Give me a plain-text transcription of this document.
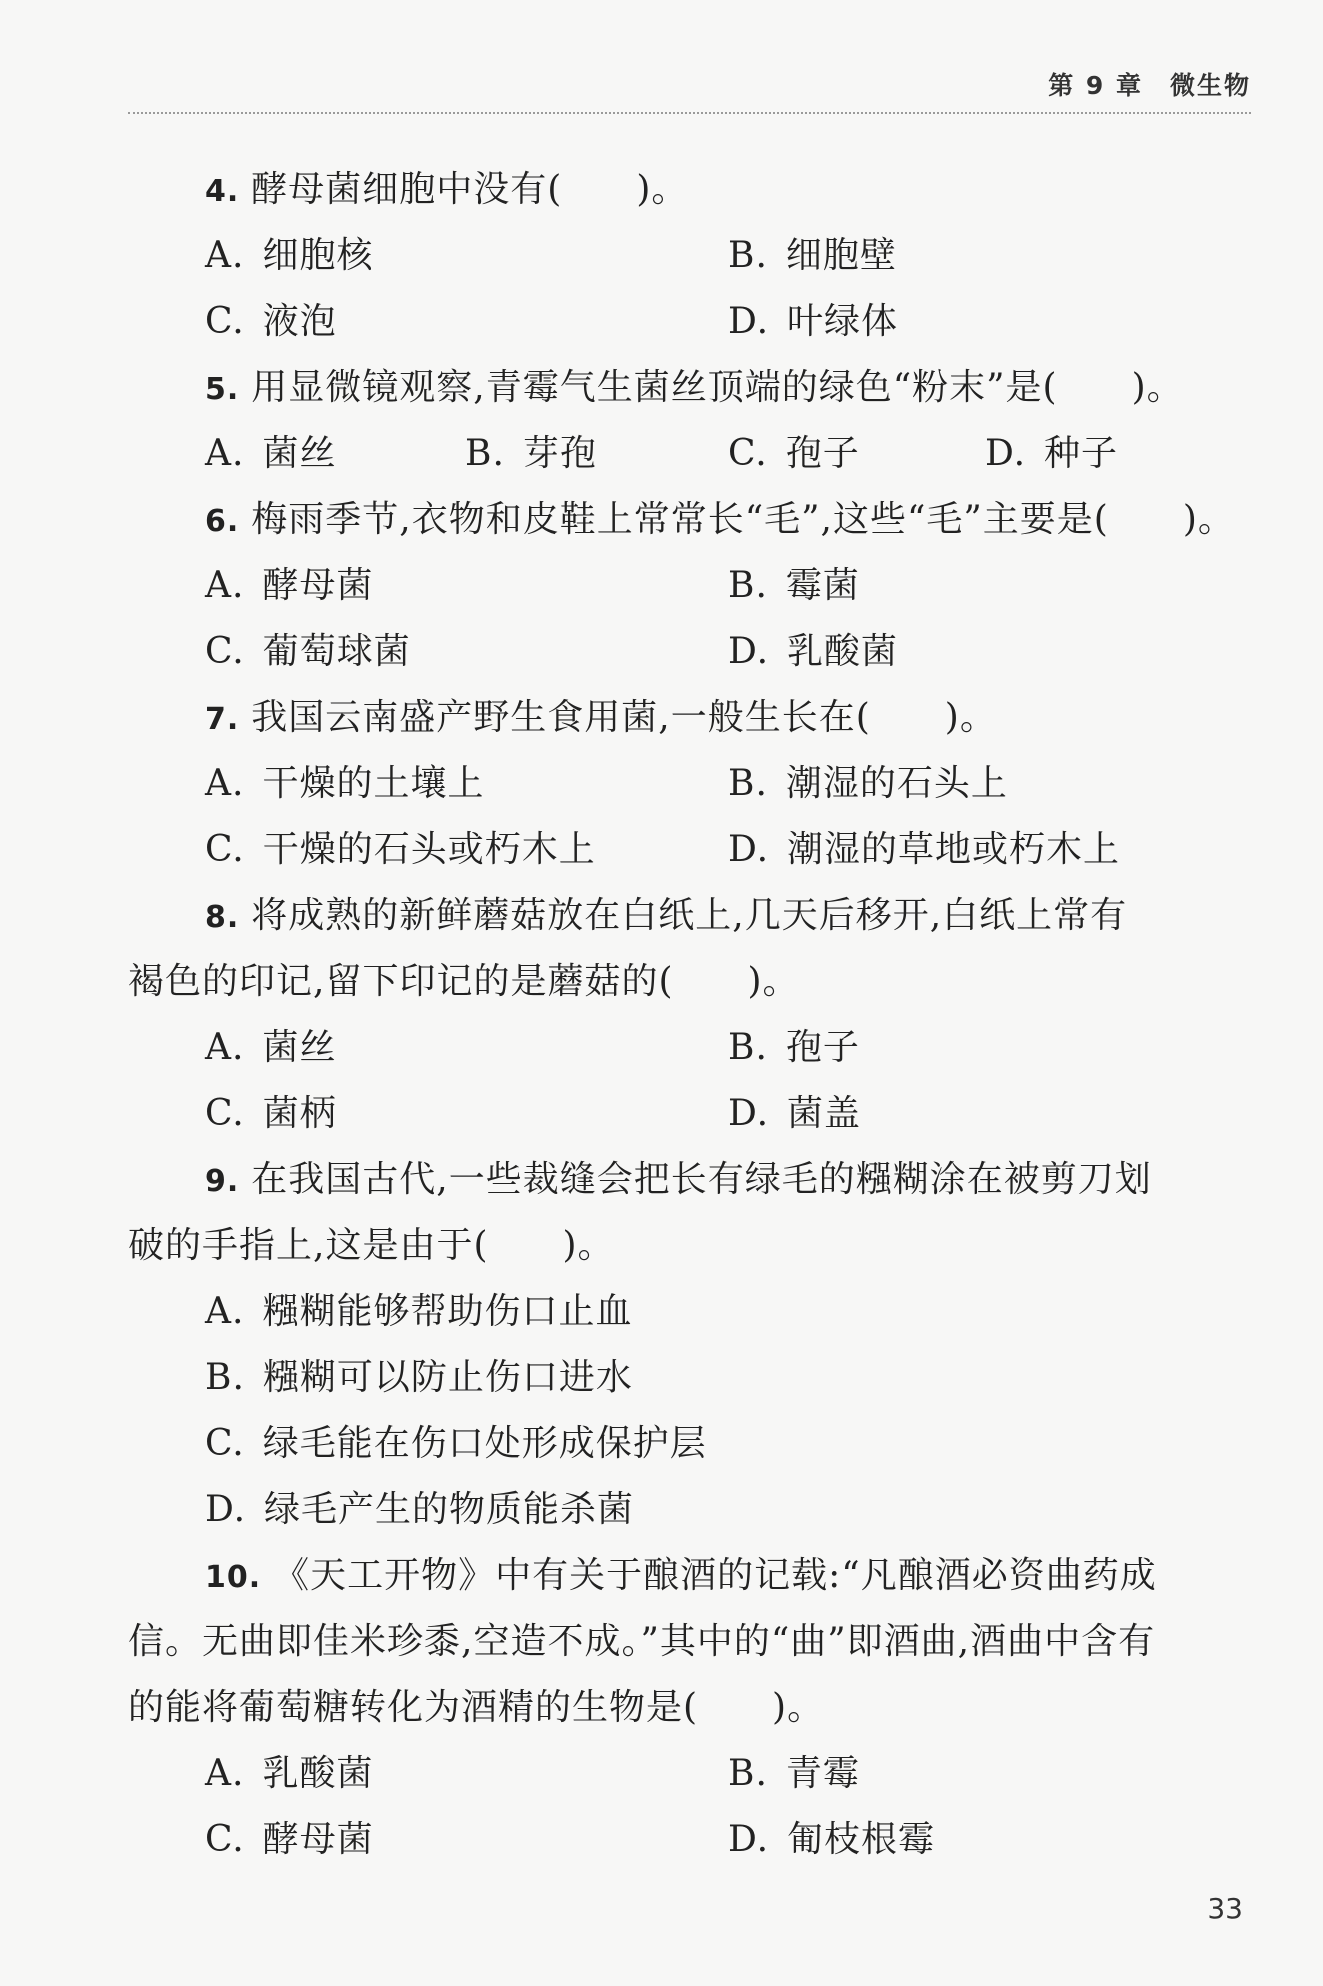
第 9 章　微生物
4. 酵母菌细胞中没有(　　)。
A. 细胞核	B. 细胞壁
C. 液泡	D. 叶绿体
5. 用显微镜观察,青霉气生菌丝顶端的绿色“粉末”是(　　)。
A. 菌丝	B. 芽孢	C. 孢子	D. 种子
6. 梅雨季节,衣物和皮鞋上常常长“毛”,这些“毛”主要是(　　)。
A. 酵母菌	B. 霉菌
C. 葡萄球菌	D. 乳酸菌
7. 我国云南盛产野生食用菌,一般生长在(　　)。
A. 干燥的土壤上	B. 潮湿的石头上
C. 干燥的石头或朽木上	D. 潮湿的草地或朽木上
8. 将成熟的新鲜蘑菇放在白纸上,几天后移开,白纸上常有
褐色的印记,留下印记的是蘑菇的(　　)。
A. 菌丝	B. 孢子
C. 菌柄	D. 菌盖
9. 在我国古代,一些裁缝会把长有绿毛的糨糊涂在被剪刀划
破的手指上,这是由于(　　)。
A. 糨糊能够帮助伤口止血
B. 糨糊可以防止伤口进水
C. 绿毛能在伤口处形成保护层
D. 绿毛产生的物质能杀菌
10. 《天工开物》中有关于酿酒的记载:“凡酿酒必资曲药成
信。无曲即佳米珍黍,空造不成。”其中的“曲”即酒曲,酒曲中含有
的能将葡萄糖转化为酒精的生物是(　　)。
A. 乳酸菌	B. 青霉
C. 酵母菌	D. 匍枝根霉
33
